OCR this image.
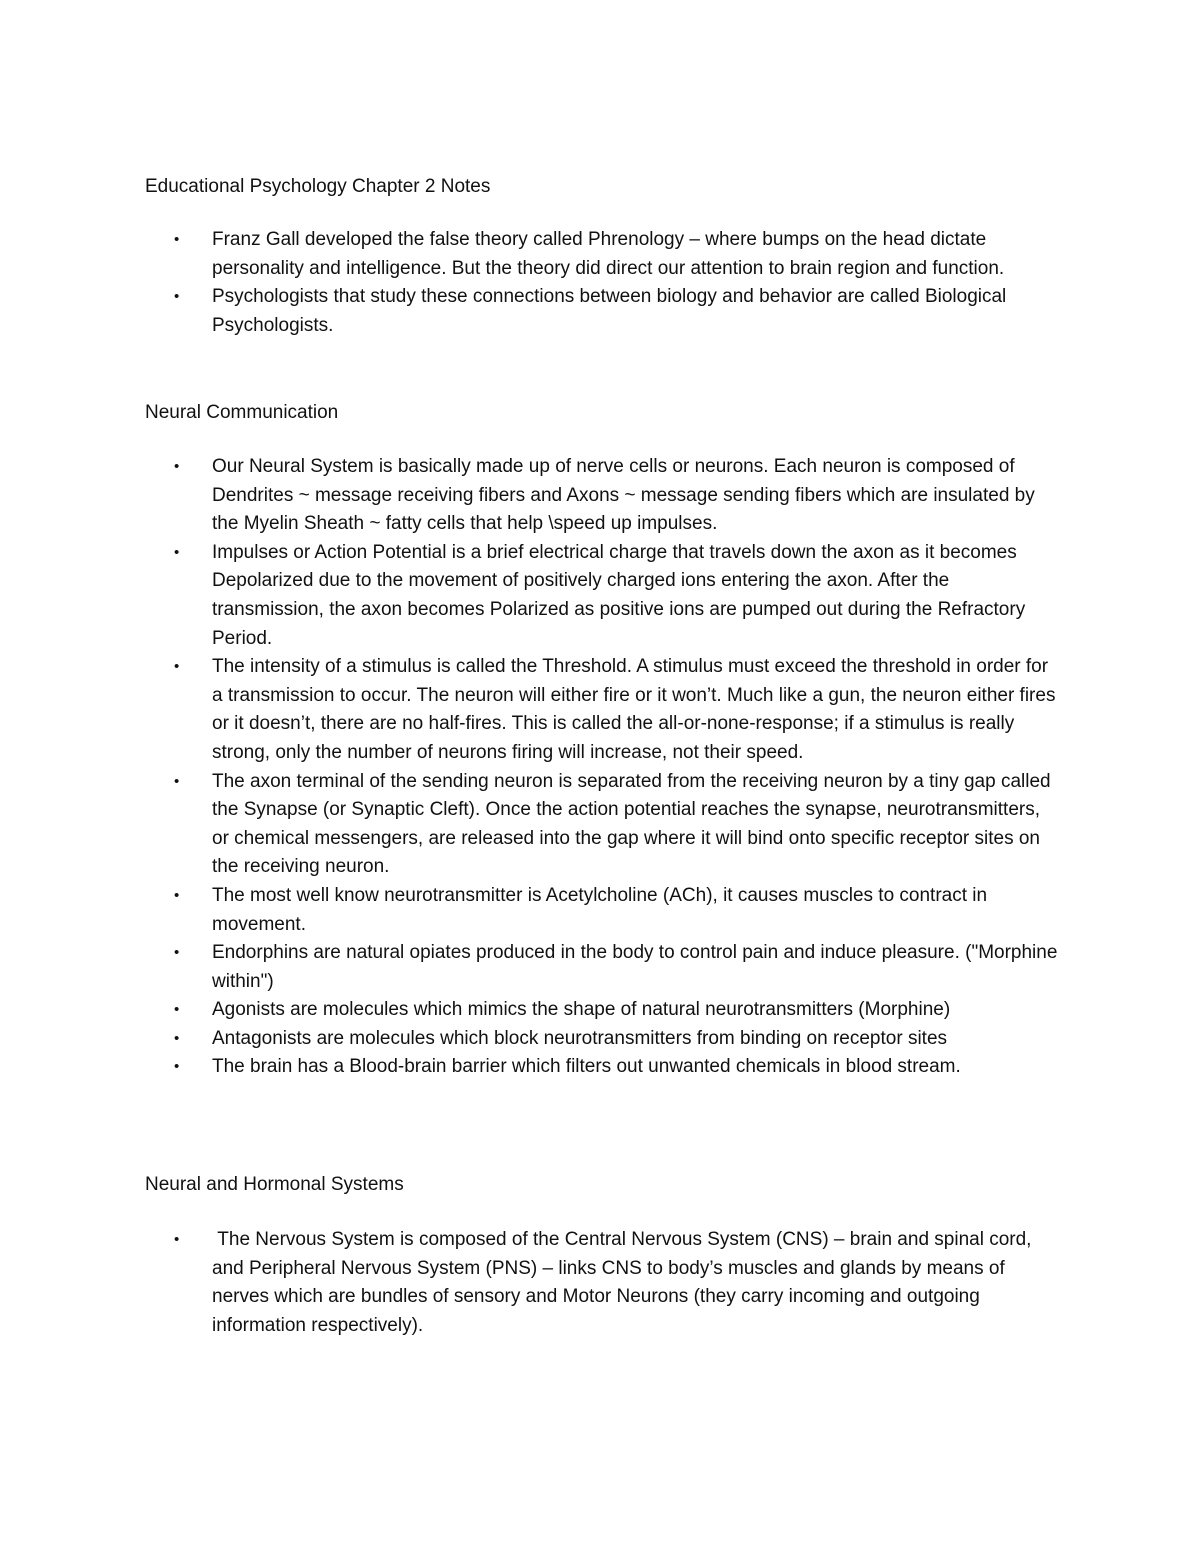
Educational Psychology Chapter 2 Notes
• Franz Gall developed the false theory called Phrenology – where bumps on the head dictate personality and intelligence. But the theory did direct our attention to brain region and function.
• Psychologists that study these connections between biology and behavior are called Biological Psychologists.
Neural Communication
• Our Neural System is basically made up of nerve cells or neurons. Each neuron is composed of Dendrites ~ message receiving fibers and Axons ~ message sending fibers which are insulated by the Myelin Sheath ~ fatty cells that help \speed up impulses.
• Impulses or Action Potential is a brief electrical charge that travels down the axon as it becomes Depolarized due to the movement of positively charged ions entering the axon. After the transmission, the axon becomes Polarized as positive ions are pumped out during the Refractory Period.
• The intensity of a stimulus is called the Threshold. A stimulus must exceed the threshold in order for a transmission to occur. The neuron will either fire or it won’t. Much like a gun, the neuron either fires or it doesn’t, there are no half-fires. This is called the all-or-none-response; if a stimulus is really strong, only the number of neurons firing will increase, not their speed.
• The axon terminal of the sending neuron is separated from the receiving neuron by a tiny gap called the Synapse (or Synaptic Cleft). Once the action potential reaches the synapse, neurotransmitters, or chemical messengers, are released into the gap where it will bind onto specific receptor sites on the receiving neuron.
• The most well know neurotransmitter is Acetylcholine (ACh), it causes muscles to contract in movement.
• Endorphins are natural opiates produced in the body to control pain and induce pleasure. ("Morphine within")
• Agonists are molecules which mimics the shape of natural neurotransmitters (Morphine)
• Antagonists are molecules which block neurotransmitters from binding on receptor sites
• The brain has a Blood-brain barrier which filters out unwanted chemicals in blood stream.
Neural and Hormonal Systems
• The Nervous System is composed of the Central Nervous System (CNS) – brain and spinal cord, and Peripheral Nervous System (PNS) – links CNS to body’s muscles and glands by means of nerves which are bundles of sensory and Motor Neurons (they carry incoming and outgoing information respectively).
